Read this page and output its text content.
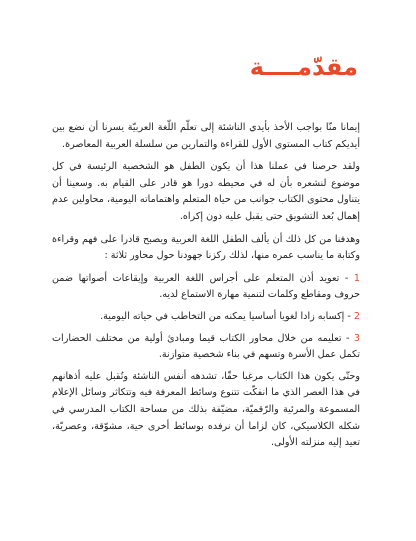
مقدّمــــة

إيمانا منّا بواجب الأخذ بأيدي الناشئة إلى تعلّم اللّغة العربيّة يسرنا أن نضع بين أيديكم كتاب المستوى الأول للقراءة والتمارين من سلسلة العربية المعاصرة.

ولقد حرصنا في عملنا هذا أن يكون الطفل هو الشخصية الرئيسة في كل موضوع لنشعره بأن له في محيطه دورا هو قادر على القيام به. وسعينا أن يتناول محتوى الكتاب جوانب من حياة المتعلم واهتماماته اليومية، محاولين عدم إهمال بُعد التشويق حتى يقبل عليه دون إكراه.

وهدفنا من كل ذلك أن يألف الطفل اللغة العربية ويصبح قادرا على فهم وقراءة وكتابة ما يناسب عمره منها، لذلك ركزنا جهودنا حول محاور ثلاثة :

1 - تعويد أذن المتعلم على أجراس اللغة العربية وإيقاعات أصواتها ضمن حروف ومقاطع وكلمات لتنمية مهارة الاستماع لديه.
2 - إكسابه زادا لغويا أساسيا يمكنه من التخاطب في حياته اليومية.
3 - تعليمه من خلال محاور الكتاب قيما ومبادئ أولية من مختلف الحضارات تكمل عمل الأسرة وتسهم في بناء شخصية متوازنة.

وحتّى يكون هذا الكتاب مرغبا حقّا، تشدهه أنفس الناشئة وتُقبل عليه أذهانهم في هذا العصر الذي ما انفكّت تتنوع وسائط المعرفة فيه وتتكاثر وسائل الإعلام المسموعة والمرئية والرّقميّة، مضيّفة بذلك من مساحة الكتاب المدرسي في شكله الكلاسيكي، كان لزاما أن نرفده بوسائط أخرى حية، مشوّقة، وعصريّة، تعيد إليه منزلته الأولى.
